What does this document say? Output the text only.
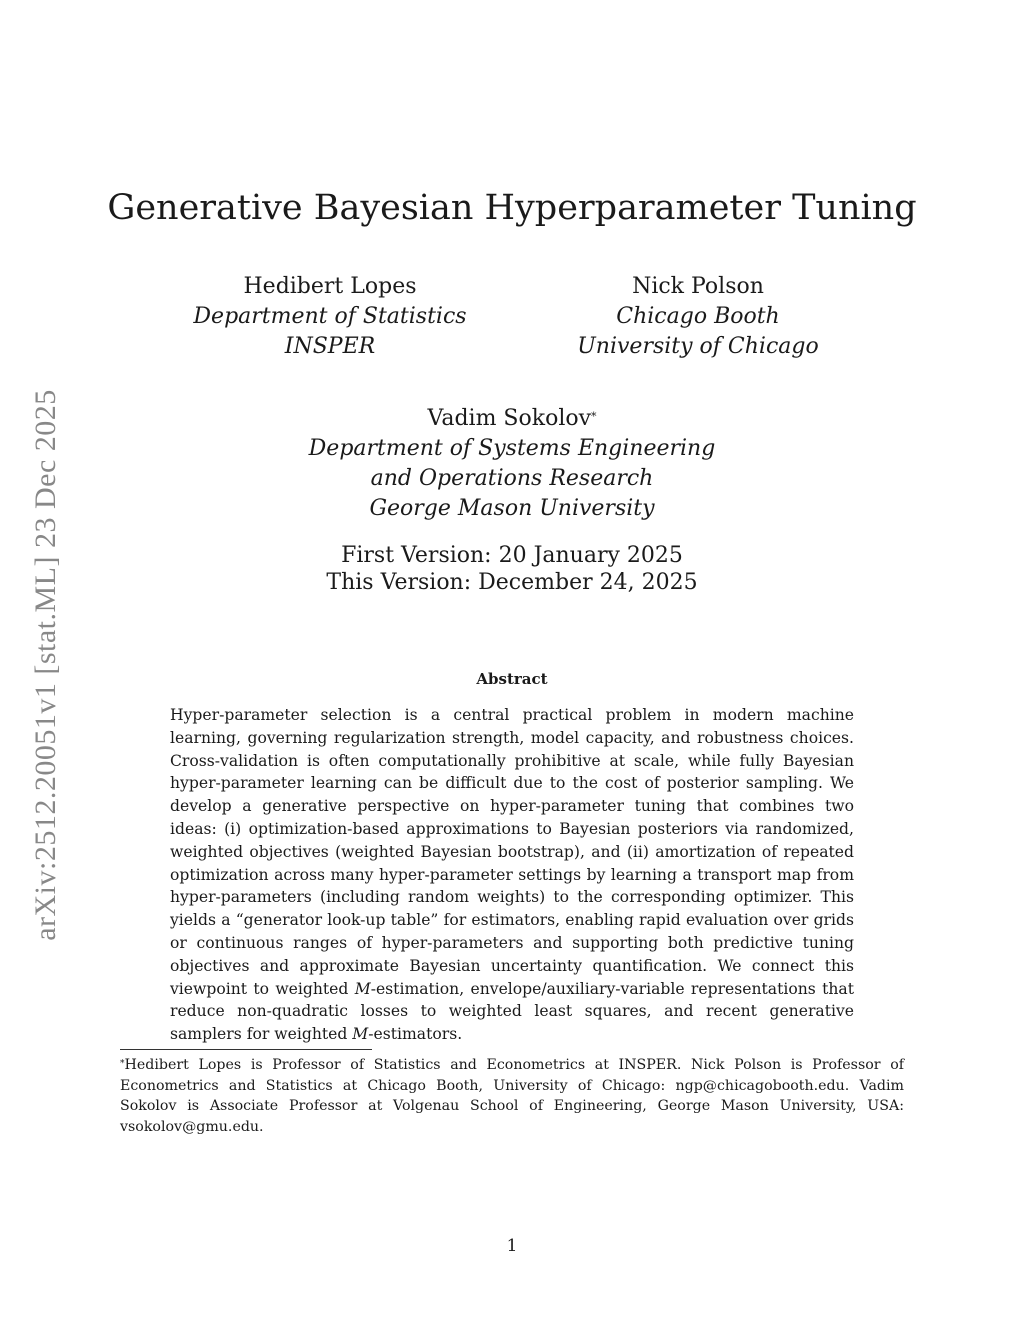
arXiv:2512.20051v1 [stat.ML] 23 Dec 2025
Generative Bayesian Hyperparameter Tuning
Hedibert Lopes
Department of Statistics
INSPER
Nick Polson
Chicago Booth
University of Chicago
Vadim Sokolov*
Department of Systems Engineering
and Operations Research
George Mason University
First Version: 20 January 2025
This Version: December 24, 2025
Abstract

Hyper-parameter selection is a central practical problem in modern machine learning, governing regularization strength, model capacity, and robustness choices. Cross-validation is often computationally prohibitive at scale, while fully Bayesian hyper-parameter learning can be difficult due to the cost of posterior sampling. We develop a generative perspective on hyper-parameter tuning that combines two ideas: (i) optimization-based approximations to Bayesian posteriors via randomized, weighted objectives (weighted Bayesian bootstrap), and (ii) amortization of repeated optimization across many hyper-parameter settings by learning a transport map from hyper-parameters (including random weights) to the corresponding optimizer. This yields a “generator look-up table” for estimators, enabling rapid evaluation over grids or continuous ranges of hyper-parameters and supporting both predictive tuning objectives and approximate Bayesian uncertainty quantification. We connect this viewpoint to weighted M-estimation, envelope/auxiliary-variable representations that reduce non-quadratic losses to weighted least squares, and recent generative samplers for weighted M-estimators.

*Hedibert Lopes is Professor of Statistics and Econometrics at INSPER. Nick Polson is Professor of Econometrics and Statistics at Chicago Booth, University of Chicago: ngp@chicagobooth.edu. Vadim Sokolov is Associate Professor at Volgenau School of Engineering, George Mason University, USA: vsokolov@gmu.edu.

1
